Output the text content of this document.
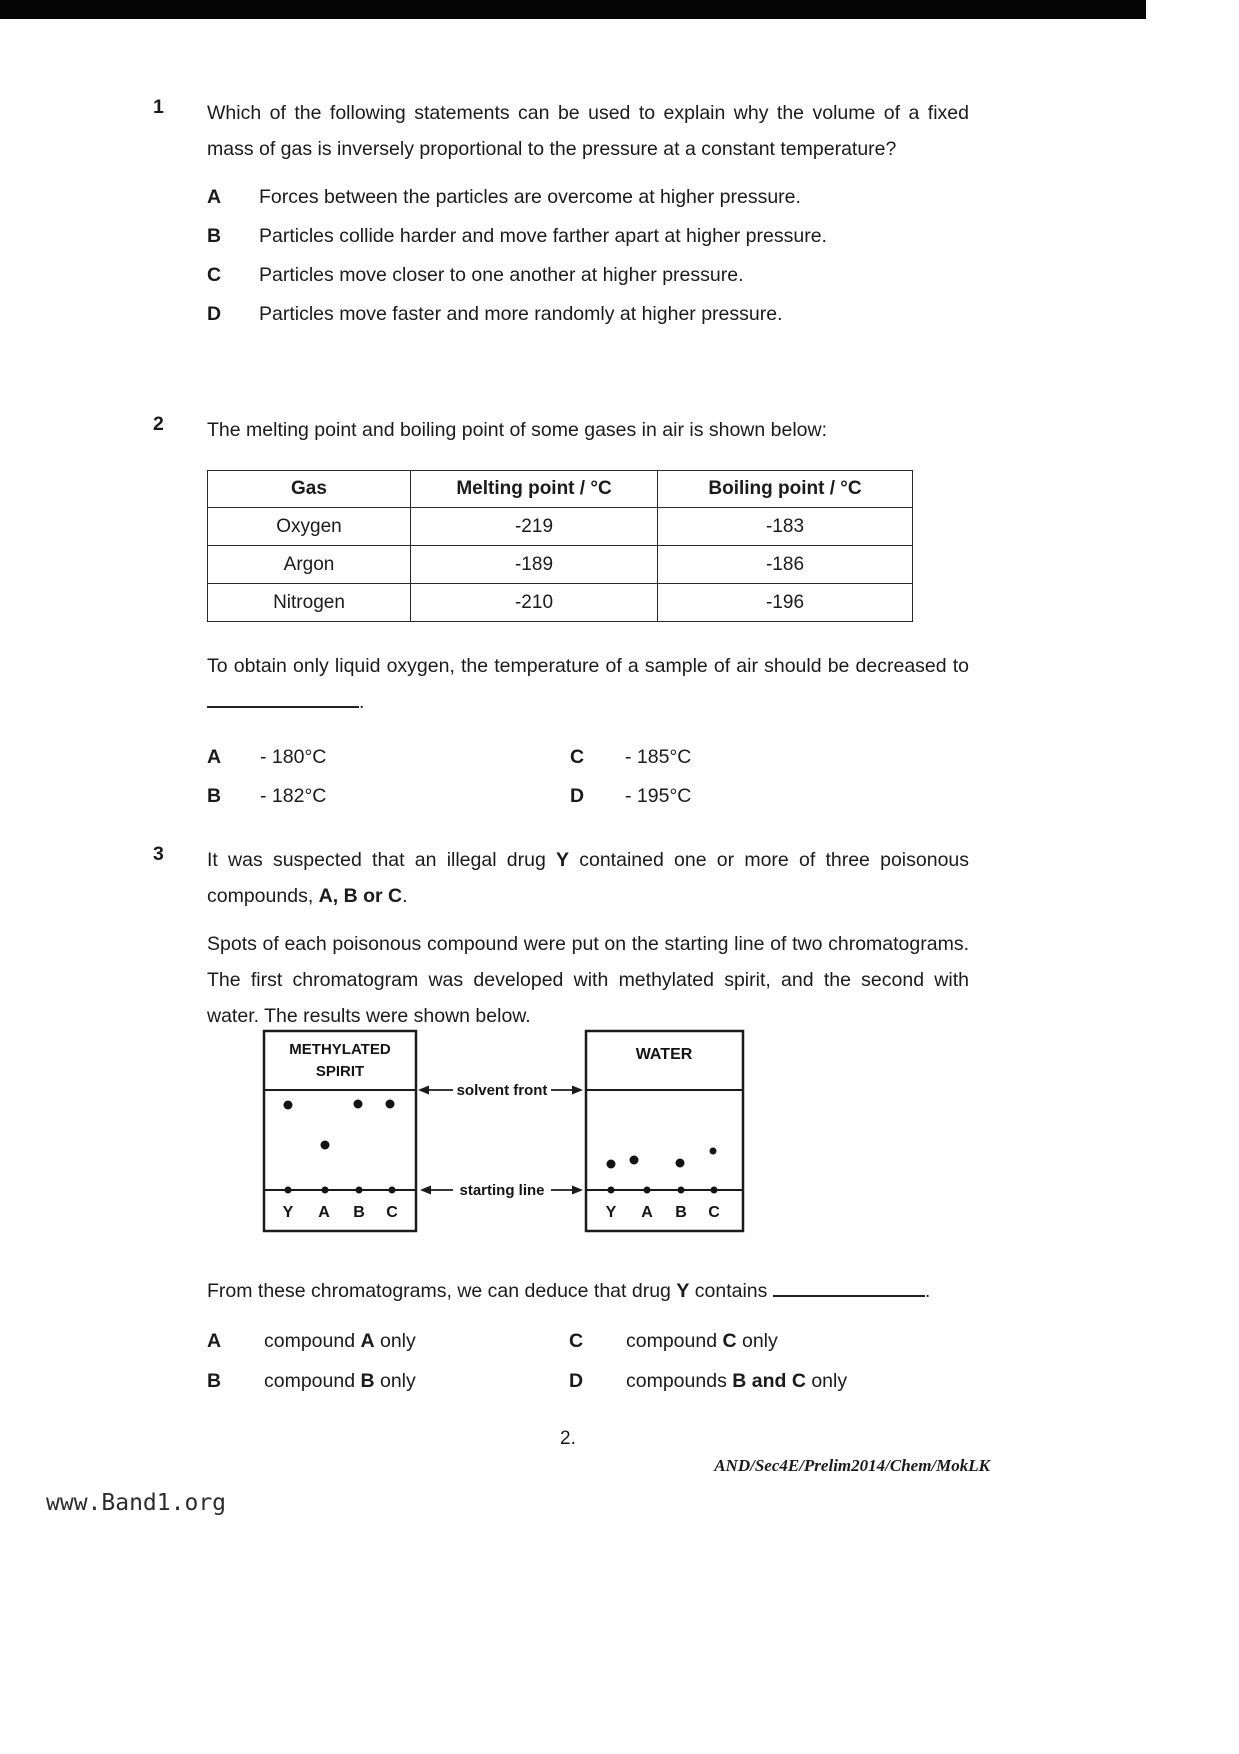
1	Which of the following statements can be used to explain why the volume of a fixed mass of gas is inversely proportional to the pressure at a constant temperature?
A	Forces between the particles are overcome at higher pressure.
B	Particles collide harder and move farther apart at higher pressure.
C	Particles move closer to one another at higher pressure.
D	Particles move faster and more randomly at higher pressure.
2	The melting point and boiling point of some gases in air is shown below:
Gas	Melting point / °C	Boiling point / °C
Oxygen	-219	-183
Argon	-189	-186
Nitrogen	-210	-196
To obtain only liquid oxygen, the temperature of a sample of air should be decreased to .
A	- 180°C	C	- 185°C
B	- 182°C	D	- 195°C
3	It was suspected that an illegal drug Y contained one or more of three poisonous compounds, A, B or C.
Spots of each poisonous compound were put on the starting line of two chromatograms. The first chromatogram was developed with methylated spirit, and the second with water. The results were shown below.
METHYLATED
SPIRIT
Y A B C
WATER
Y A B C
solvent front
starting line
From these chromatograms, we can deduce that drug Y contains	.
A	compound A only	C	compound C only
B	compound B only	D	compounds B and C only
2.
AND/Sec4E/Prelim2014/Chem/MokLK
www.Band1.org
